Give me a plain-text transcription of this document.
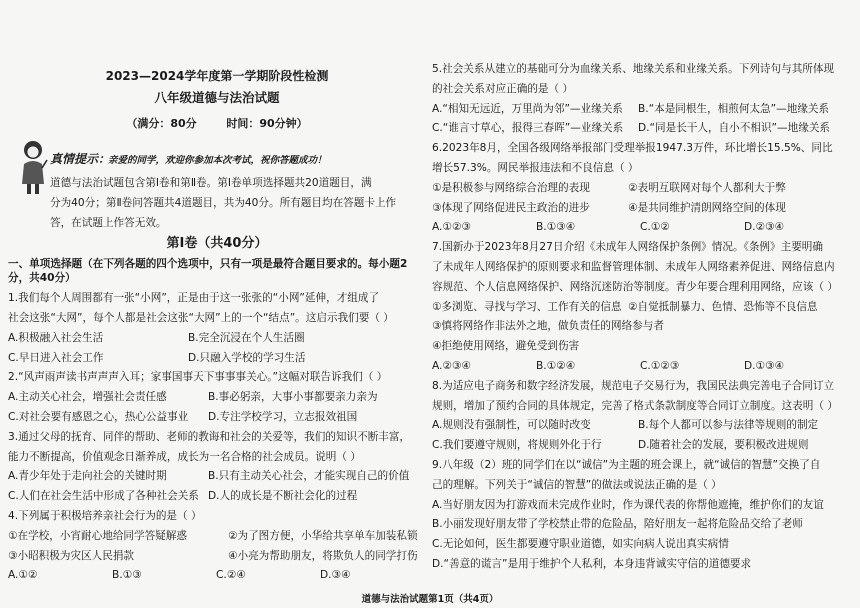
2023—2024学年度第一学期阶段性检测
八年级道德与法治试题
（满分：80分	时间：90分钟）
真情提示：
亲爱的同学，欢迎你参加本次考试，祝你答题成功！
道德与法治试题包含第Ⅰ卷和第Ⅱ卷。第Ⅰ卷单项选择题共20道题目，满
分为40分；第Ⅱ卷问答题共4道题目，共为40分。所有题目均在答题卡上作
答，在试题上作答无效。
第Ⅰ卷（共40分）
一、单项选择题（在下列各题的四个选项中，只有一项是最符合题目要求的。每小题2分，共40分）
1.我们每个人周围都有一张“小网”，正是由于这一张张的“小网”延伸，才组成了
社会这张“大网”，每个人都是社会这张“大网”上的一个“结点”。这启示我们要（ ）
A.积极融入社会生活	B.完全沉浸在个人生活圈
C.早日进入社会工作	D.只融入学校的学习生活
2.“风声雨声读书声声声入耳；家事国事天下事事事关心。”这幅对联告诉我们（ ）
A.主动关心社会，增强社会责任感	B.事必躬亲，大事小事都要亲力亲为
C.对社会要有感恩之心，热心公益事业	D.专注学校学习，立志报效祖国
3.通过父母的抚育、同伴的帮助、老师的教诲和社会的关爱等，我们的知识不断丰富，
能力不断提高，价值观念日渐养成，成长为一名合格的社会成员。说明（ ）
A.青少年处于走向社会的关键时期	B.只有主动关心社会，才能实现自己的价值
C.人们在社会生活中形成了各种社会关系 D.人的成长是不断社会化的过程
4.下列属于积极培养亲社会行为的是（ ）
①在学校，小宵耐心地给同学答疑解惑	②为了图方便，小华给共享单车加装私锁
③小昭积极为灾区人民捐款	④小亮为帮助朋友，将欺负人的同学打伤
A.①②	B.①③	C.②④	D.③④
5.社会关系从建立的基础可分为血缘关系、地缘关系和业缘关系。下列诗句与其所体现
的社会关系对应正确的是（ ）
A.“相知无远近，万里尚为邻”—业缘关系	B.“本是同根生，相煎何太急”—地缘关系
C.“谁言寸草心，报得三春晖”—业缘关系	D.“同是长干人，自小不相识”—地缘关系
6.2023年8月，全国各级网络举报部门受理举报1947.3万件，环比增长15.5%、同比
增长57.3%。网民举报违法和不良信息（ ）
①是积极参与网络综合治理的表现	②表明互联网对每个人都利大于弊
③体现了网络促进民主政治的进步	④是共同维护清朗网络空间的体现
A.①②③	B.①③④	C.①②	D.②③④
7.国新办于2023年8月27日介绍《未成年人网络保护条例》情况。《条例》主要明确
了未成年人网络保护的原则要求和监督管理体制、未成年人网络素养促进、网络信息内
容规范、个人信息网络保护、网络沉迷防治等制度。青少年要合理利用网络，应该（ ）
①多浏览、寻找与学习、工作有关的信息 ②自觉抵制暴力、色情、恐怖等不良信息
③慎将网络作非法外之地，做负责任的网络参与者
④拒绝使用网络，避免受到伤害
A.②③④	B.①②④	C.①②③	D.①③④
8.为适应电子商务和数字经济发展，规范电子交易行为，我国民法典完善电子合同订立
规则，增加了预约合同的具体规定，完善了格式条款制度等合同订立制度。这表明（ ）
A.规则没有强制性，可以随时改变	B.每个人都可以参与法律等规则的制定
C.我们要遵守规则，将规则外化于行	D.随着社会的发展，要积极改进规则
9.八年级（2）班的同学们在以“诚信”为主题的班会课上，就“诚信的智慧”交换了自
己的理解。下列关于“诚信的智慧”的做法或说法正确的是（ ）
A.当好朋友因为打游戏而未完成作业时，作为课代表的你帮他遮掩，维护你们的友谊
B.小丽发现好朋友带了学校禁止带的危险品，陪好朋友一起将危险品交给了老师
C.无论如何，医生都要遵守职业道德，如实向病人说出真实病情
D.“善意的谎言”是用于维护个人私利，本身违背诚实守信的道德要求
道德与法治试题第1页（共4页）
